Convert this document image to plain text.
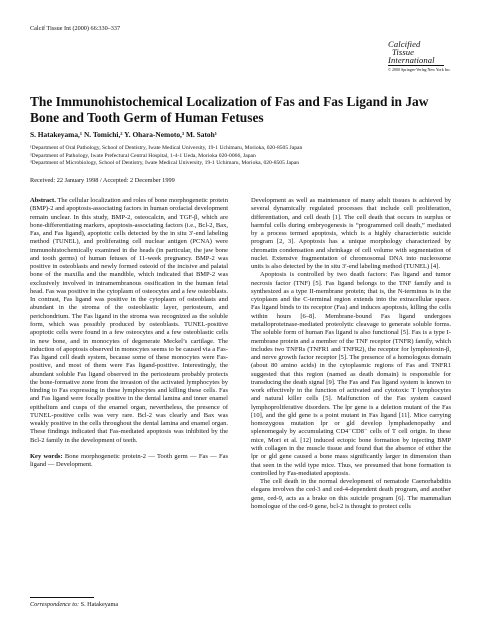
Calcif Tissue Int (2000) 66:330–337
Calcified
Tissue
International
© 2000 Springer-Verlag New York Inc.
The Immunohistochemical Localization of Fas and Fas Ligand in Jaw Bone and Tooth Germ of Human Fetuses
S. Hatakeyama,¹ N. Tomichi,² Y. Ohara-Nemoto,³ M. Satoh¹
¹Department of Oral Pathology, School of Dentistry, Iwate Medical University, 19-1 Uchimaru, Morioka, 020-8505 Japan
²Department of Pathology, Iwate Prefectural Central Hospital, 1-4-1 Ueda, Morioka 020-0066, Japan
³Department of Microbiology, School of Dentistry, Iwate Medical University, 19-1 Uchimaru, Morioka, 020-8505 Japan
Received: 22 January 1998 / Accepted: 2 December 1999

Abstract. The cellular localization and roles of bone morphogenetic protein (BMP)-2 and apoptosis-associating factors in human orofacial development remain unclear. In this study, BMP-2, osteocalcin, and TGF-β, which are bone-differentiating markers, apoptosis-associating factors (i.e., Bcl-2, Bax, Fas, and Fas ligand), apoptotic cells detected by the in situ 3′-end labeling method (TUNEL), and proliferating cell nuclear antigen (PCNA) were immunohistochemically examined in the heads (in particular, the jaw bone and tooth germs) of human fetuses of 11-week pregnancy. BMP-2 was positive in osteoblasts and newly formed osteoid of the incisive and palatal bone of the maxilla and the mandible, which indicated that BMP-2 was exclusively involved in intramembranous ossification in the human fetal head. Fas was positive in the cytoplasm of osteocytes and a few osteoblasts. In contrast, Fas ligand was positive in the cytoplasm of osteoblasts and abundant in the stroma of the osteoblastic layer, periosteum, and perichondrium. The Fas ligand in the stroma was recognized as the soluble form, which was possibly produced by osteoblasts. TUNEL-positive apoptotic cells were found in a few osteocytes and a few osteoblastic cells in new bone, and in monocytes of degenerate Meckel’s cartilage. The induction of apoptosis observed in monocytes seems to be caused via a Fas-Fas ligand cell death system, because some of these monocytes were Fas-positive, and most of them were Fas ligand-positive. Interestingly, the abundant soluble Fas ligand observed in the periosteum probably protects the bone-formative zone from the invasion of the activated lymphocytes by binding to Fas expressing in these lymphocytes and killing these cells. Fas and Fas ligand were focally positive in the dental lamina and inner enamel epithelium and cusps of the enamel organ, nevertheless, the presence of TUNEL-positive cells was very rare. Bcl-2 was clearly and Bax was weakly positive in the cells throughout the dental lamina and enamel organ. These findings indicated that Fas-mediated apoptosis was inhibited by the Bcl-2 family in the development of teeth.

Key words: Bone morphogenetic protein-2 — Tooth germ — Fas — Fas ligand — Development.

Development as well as maintenance of many adult tissues is achieved by several dynamically regulated processes that include cell proliferation, differentiation, and cell death [1]. The cell death that occurs in surplus or harmful cells during embryogenesis is “programmed cell death,” mediated by a process termed apoptosis, which is a highly characteristic suicide program [2, 3]. Apoptosis has a unique morphology characterized by chromatin condensation and shrinkage of cell volume with segmentation of nuclei. Extensive fragmentation of chromosomal DNA into nucleosome units is also detected by the in situ 3′-end labeling method (TUNEL) [4].

Apoptosis is controlled by two death factors: Fas ligand and tumor necrosis factor (TNF) [5]. Fas ligand belongs to the TNF family and is synthesized as a type II-membrane protein; that is, the N-terminus is in the cytoplasm and the C-terminal region extends into the extracellular space. Fas ligand binds to its receptor (Fas) and induces apoptosis, killing the cells within hours [6–8]. Membrane-bound Fas ligand undergoes metalloproteinase-mediated proteolytic cleavage to generate soluble forms. The soluble form of human Fas ligand is also functional [5]. Fas is a type I-membrane protein and a member of the TNF receptor (TNFR) family, which includes two TNFRs (TNFR1 and TNFR2), the receptor for lymphotoxin-β, and nerve growth factor receptor [5]. The presence of a homologous domain (about 80 amino acids) in the cytoplasmic regions of Fas and TNFR1 suggested that this region (named as death domain) is responsible for transducing the death signal [9]. The Fas and Fas ligand system is known to work effectively in the function of activated and cytotoxic T lymphocytes and natural killer cells [5]. Malfunction of the Fas system caused lymphoproliferative disorders. The lpr gene is a deletion mutant of the Fas [10], and the gld gene is a point mutant in Fas ligand [11]. Mice carrying homozygous mutation lpr or gld develop lymphadenopathy and splenomegaly by accumulating CD4⁻CD8⁻ cells of T cell origin. In these mice, Mori et al. [12] induced ectopic bone formation by injecting BMP with collagen in the muscle tissue and found that the absence of either the lpr or gld gene caused a bone mass significantly larger in dimension than that seen in the wild type mice. Thus, we presumed that bone formation is controlled by Fas-mediated apoptosis.

The cell death in the normal development of nematode Caenorhabditis elegans involves the ced-3 and ced-4-dependent death program, and another gene, ced-9, acts as a brake on this suicide program [6]. The mammalian homologue of the ced-9 gene, bcl-2 is thought to protect cells

Correspondence to: S. Hatakeyama
